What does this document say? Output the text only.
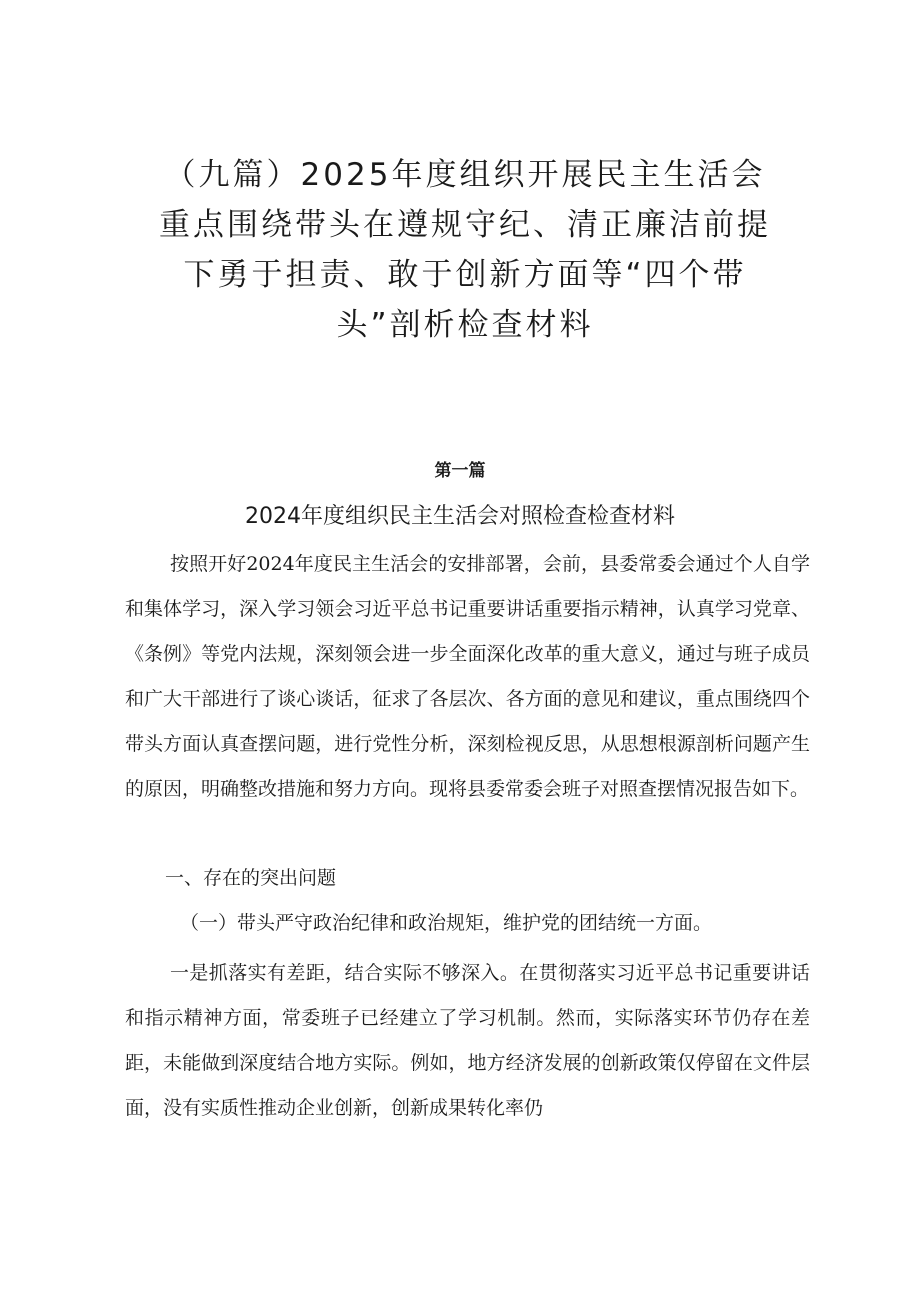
（九篇）2025年度组织开展民主生活会重点围绕带头在遵规守纪、清正廉洁前提下勇于担责、敢于创新方面等“四个带头”剖析检查材料
第一篇
2024年度组织民主生活会对照检查检查材料

按照开好2024年度民主生活会的安排部署，会前，县委常委会通过个人自学和集体学习，深入学习领会习近平总书记重要讲话重要指示精神，认真学习党章、《条例》等党内法规，深刻领会进一步全面深化改革的重大意义，通过与班子成员和广大干部进行了谈心谈话，征求了各层次、各方面的意见和建议，重点围绕四个带头方面认真查摆问题，进行党性分析，深刻检视反思，从思想根源剖析问题产生的原因，明确整改措施和努力方向。现将县委常委会班子对照查摆情况报告如下。

一、存在的突出问题

（一）带头严守政治纪律和政治规矩，维护党的团结统一方面。

一是抓落实有差距，结合实际不够深入。在贯彻落实习近平总书记重要讲话和指示精神方面，常委班子已经建立了学习机制。然而，实际落实环节仍存在差距，未能做到深度结合地方实际。例如，地方经济发展的创新政策仅停留在文件层面，没有实质性推动企业创新，创新成果转化率仍
